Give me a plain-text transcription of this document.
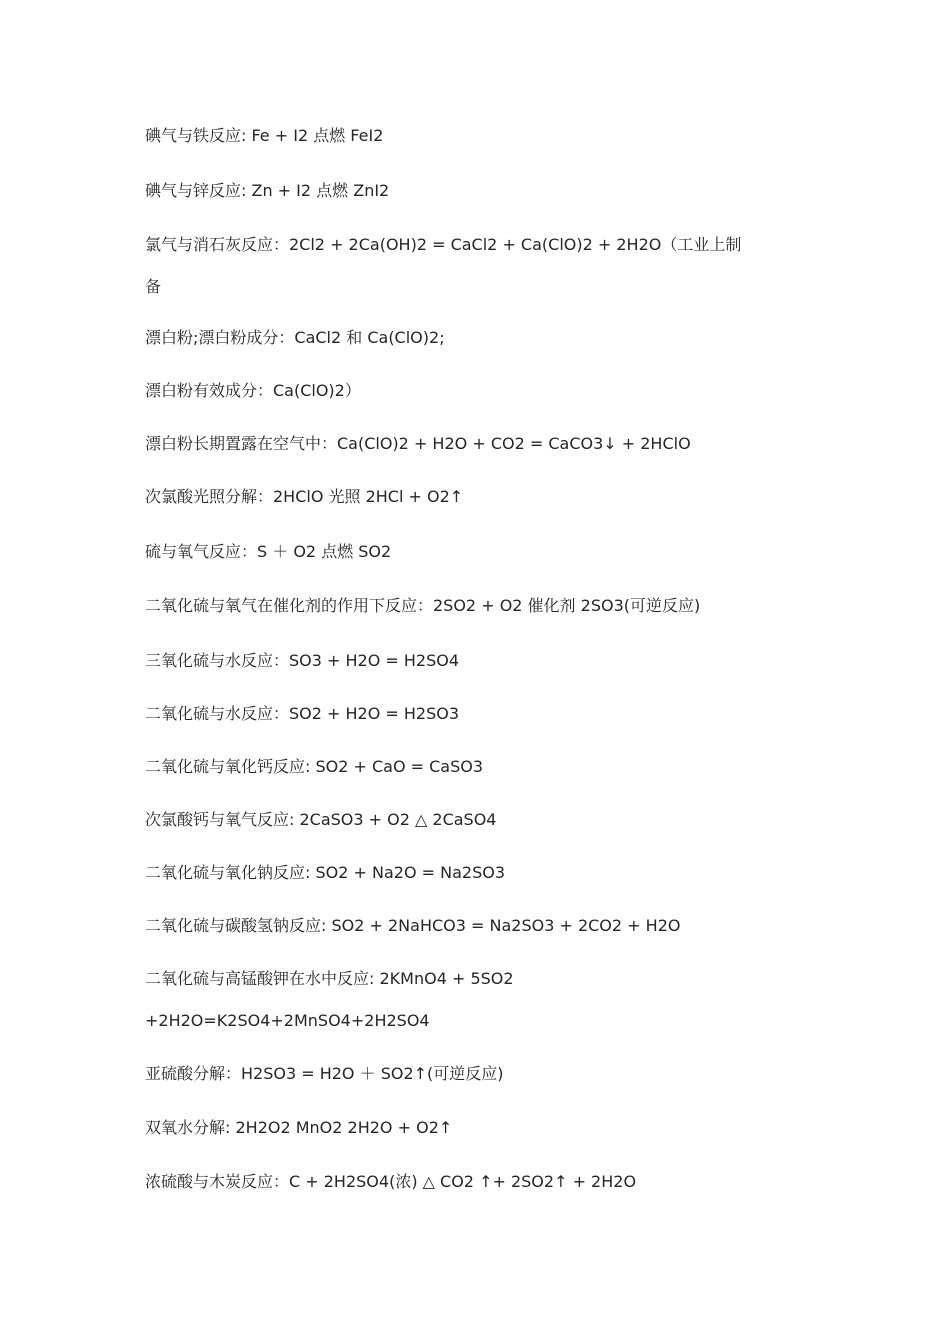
碘气与铁反应: Fe + I2 点燃 FeI2
碘气与锌反应: Zn + I2 点燃 ZnI2
氯气与消石灰反应：2Cl2 + 2Ca(OH)2 = CaCl2 + Ca(ClO)2 + 2H2O（工业上制
备
漂白粉;漂白粉成分：CaCl2 和 Ca(ClO)2;
漂白粉有效成分：Ca(ClO)2）
漂白粉长期置露在空气中：Ca(ClO)2 + H2O + CO2 = CaCO3↓ + 2HClO
次氯酸光照分解：2HClO 光照 2HCl + O2↑
硫与氧气反应：S ＋ O2 点燃 SO2
二氧化硫与氧气在催化剂的作用下反应：2SO2 + O2 催化剂 2SO3(可逆反应)
三氧化硫与水反应：SO3 + H2O = H2SO4
二氧化硫与水反应：SO2 + H2O = H2SO3
二氧化硫与氧化钙反应: SO2 + CaO = CaSO3
次氯酸钙与氧气反应: 2CaSO3 + O2 △ 2CaSO4
二氧化硫与氧化钠反应: SO2 + Na2O = Na2SO3
二氧化硫与碳酸氢钠反应: SO2 + 2NaHCO3 = Na2SO3 + 2CO2 + H2O
二氧化硫与高锰酸钾在水中反应: 2KMnO4 + 5SO2
+2H2O=K2SO4+2MnSO4+2H2SO4
亚硫酸分解：H2SO3 = H2O ＋ SO2↑(可逆反应)
双氧水分解: 2H2O2 MnO2 2H2O + O2↑
浓硫酸与木炭反应：C + 2H2SO4(浓) △ CO2 ↑+ 2SO2↑ + 2H2O
